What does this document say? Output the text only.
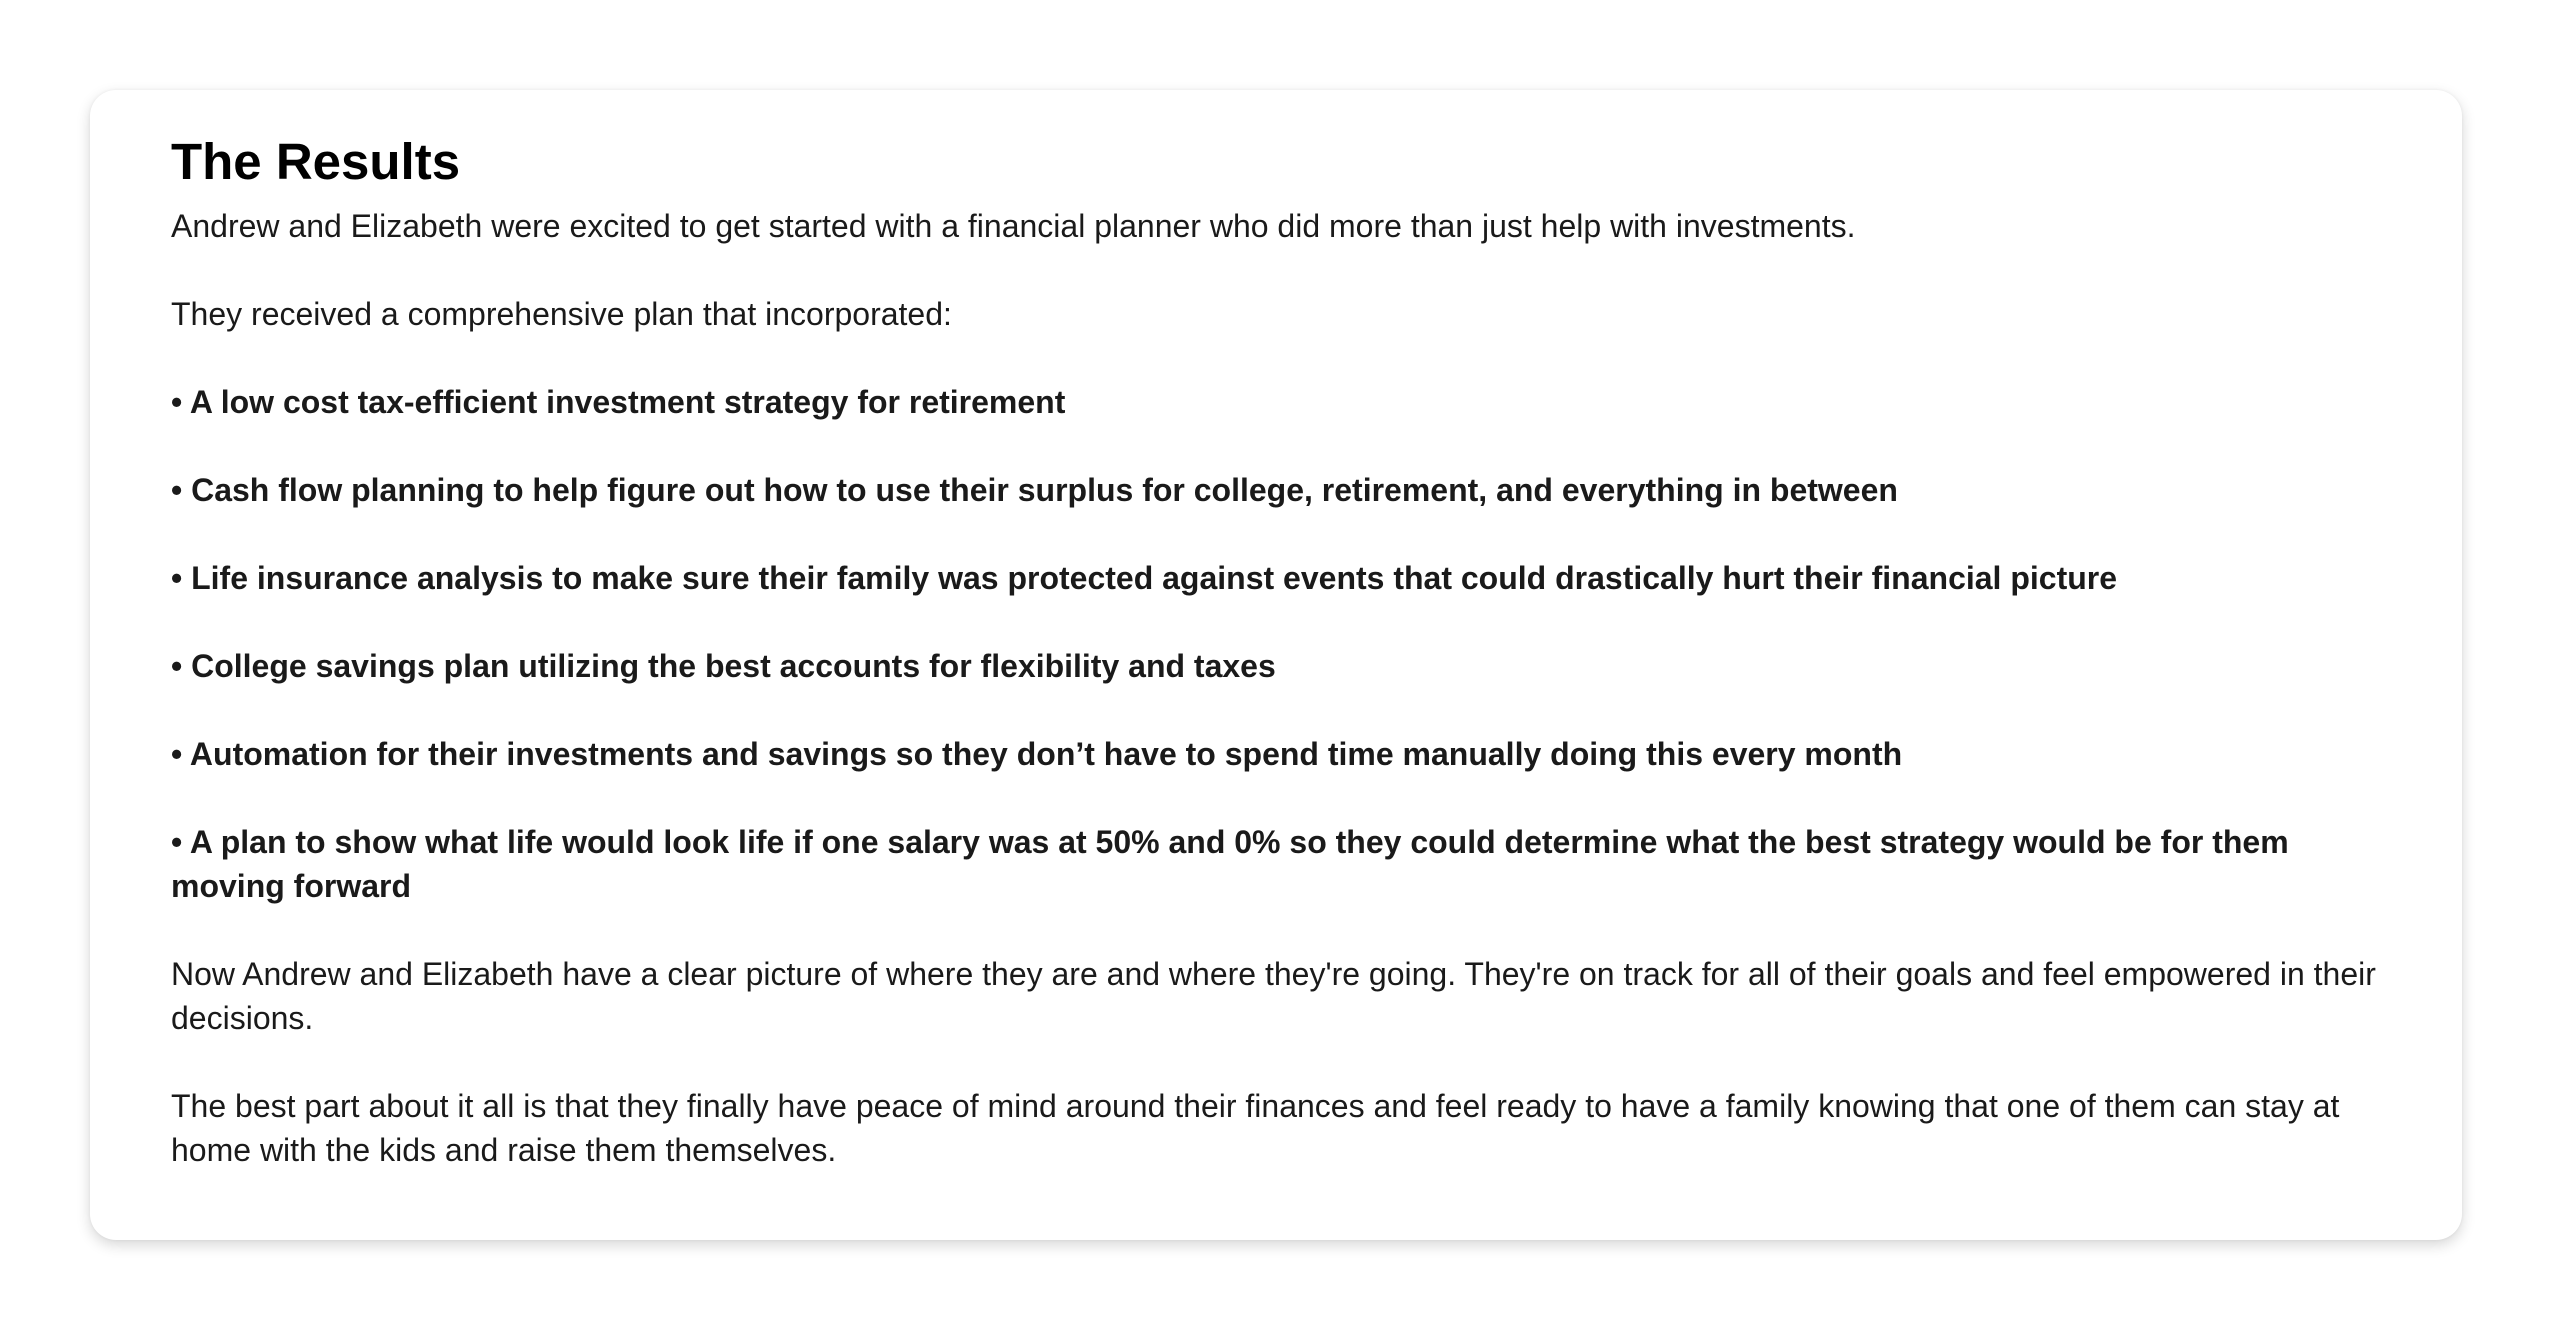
The Results

Andrew and Elizabeth were excited to get started with a financial planner who did more than just help with investments.

They received a comprehensive plan that incorporated:

• A low cost tax-efficient investment strategy for retirement

• Cash flow planning to help figure out how to use their surplus for college, retirement, and everything in between

• Life insurance analysis to make sure their family was protected against events that could drastically hurt their financial picture

• College savings plan utilizing the best accounts for flexibility and taxes

• Automation for their investments and savings so they don’t have to spend time manually doing this every month

• A plan to show what life would look life if one salary was at 50% and 0% so they could determine what the best strategy would be for them moving forward

Now Andrew and Elizabeth have a clear picture of where they are and where they're going. They're on track for all of their goals and feel empowered in their decisions.

The best part about it all is that they finally have peace of mind around their finances and feel ready to have a family knowing that one of them can stay at home with the kids and raise them themselves.
